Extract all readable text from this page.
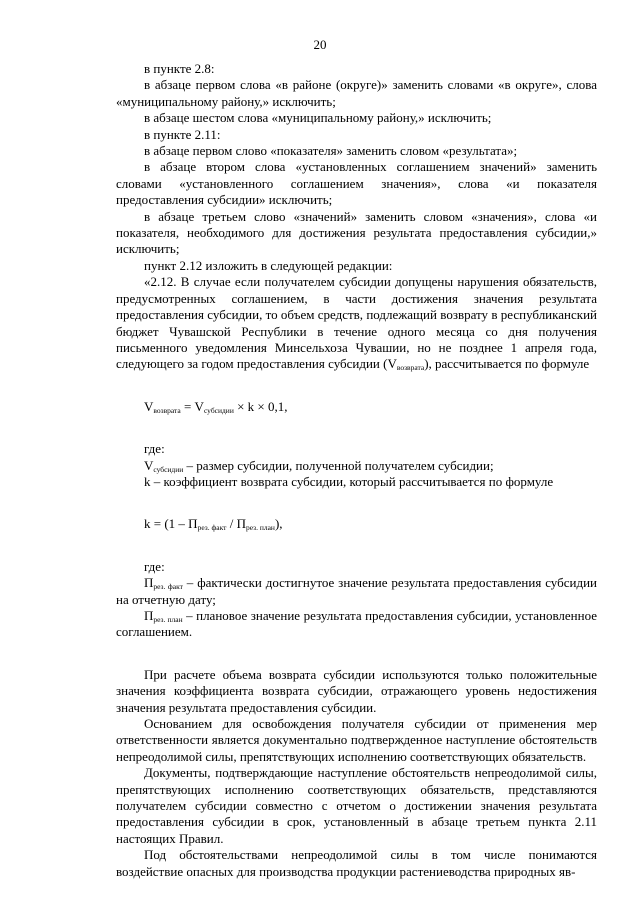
20

в пункте 2.8:

в абзаце первом слова «в районе (округе)» заменить словами «в округе», слова «муниципальному району,» исключить;

в абзаце шестом слова «муниципальному району,» исключить;

в пункте 2.11:

в абзаце первом слово «показателя» заменить словом «результата»;

в абзаце втором слова «установленных соглашением значений» заменить словами «установленного соглашением значения», слова «и показателя предоставления субсидии» исключить;

в абзаце третьем слово «значений» заменить словом «значения», слова «и показателя, необходимого для достижения результата предоставления субсидии,» исключить;

пункт 2.12 изложить в следующей редакции:

«2.12. В случае если получателем субсидии допущены нарушения обязательств, предусмотренных соглашением, в части достижения значения результата предоставления субсидии, то объем средств, подлежащий возврату в республиканский бюджет Чувашской Республики в течение одного месяца со дня получения письменного уведомления Минсельхоза Чувашии, но не позднее 1 апреля года, следующего за годом предоставления субсидии $(V_{возврата})$, рассчитывается по формуле

$V_{возврата} = V_{субсидии} \times k \times 0,1$,

где:

$V_{субсидии}$ – размер субсидии, полученной получателем субсидии;

k – коэффициент возврата субсидии, который рассчитывается по формуле

$k = (1 - П_{рез. факт} / П_{рез. план})$,

где:

$П_{рез. факт}$ – фактически достигнутое значение результата предоставления субсидии на отчетную дату;

$П_{рез. план}$ – плановое значение результата предоставления субсидии, установленное соглашением.

При расчете объема возврата субсидии используются только положительные значения коэффициента возврата субсидии, отражающего уровень недостижения значения результата предоставления субсидии.

Основанием для освобождения получателя субсидии от применения мер ответственности является документально подтвержденное наступление обстоятельств непреодолимой силы, препятствующих исполнению соответствующих обязательств.

Документы, подтверждающие наступление обстоятельств непреодолимой силы, препятствующих исполнению соответствующих обязательств, представляются получателем субсидии совместно с отчетом о достижении значения результата предоставления субсидии в срок, установленный в абзаце третьем пункта 2.11 настоящих Правил.

Под обстоятельствами непреодолимой силы в том числе понимаются воздействие опасных для производства продукции растениеводства природных яв-
